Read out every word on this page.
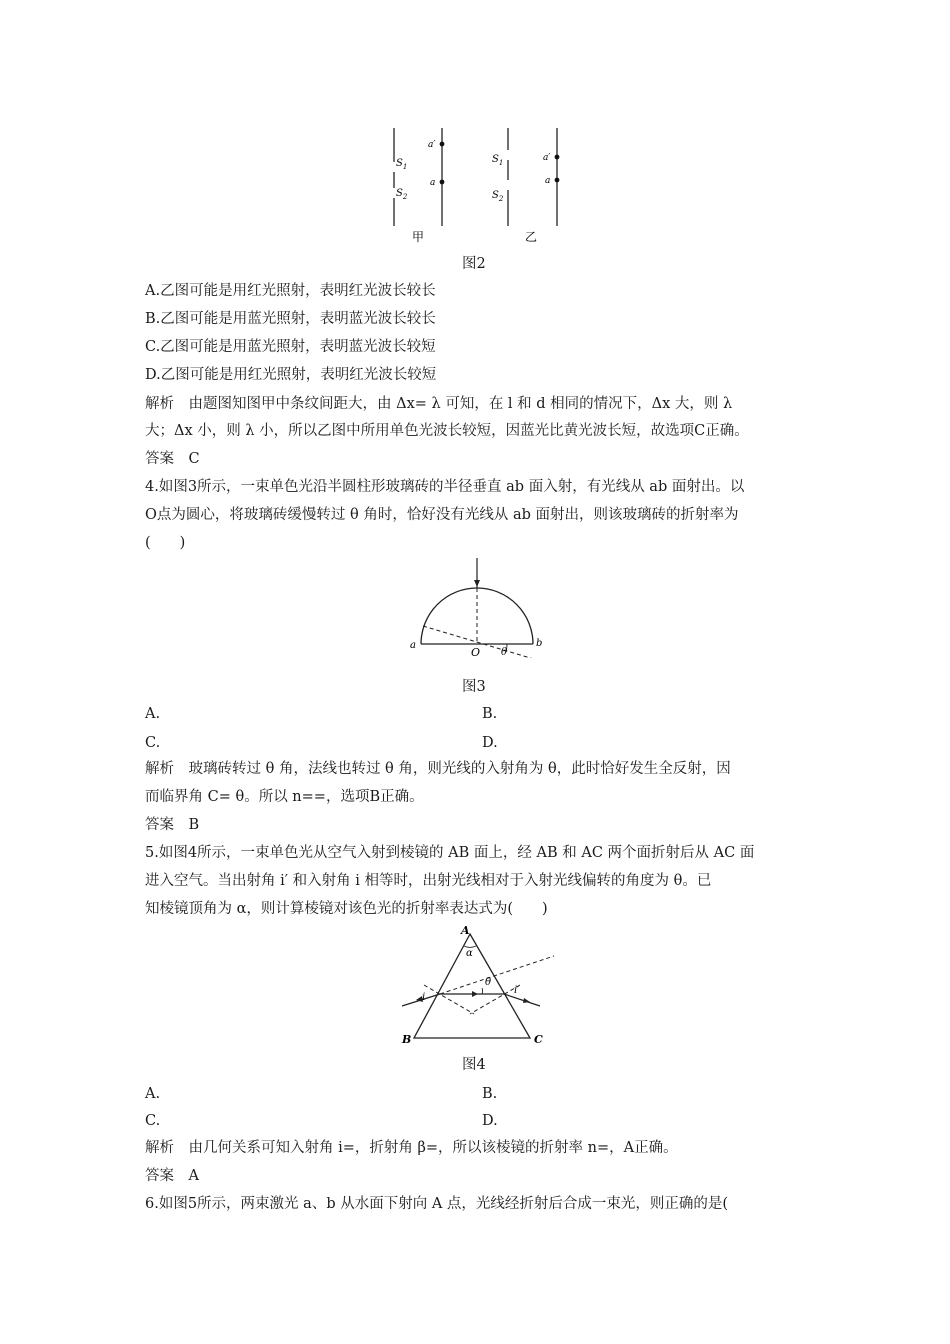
$S_1$
$S_2$
a′
a
$S_1$
$S_2$
a′
a
甲	乙
图2
A.乙图可能是用红光照射，表明红光波长较长
B.乙图可能是用蓝光照射，表明蓝光波长较长
C.乙图可能是用蓝光照射，表明蓝光波长较短
D.乙图可能是用红光照射，表明红光波长较短
解析　由题图知图甲中条纹间距大，由 Δx= λ 可知，在 l 和 d 相同的情况下，Δx 大，则 λ
大；Δx 小，则 λ 小，所以乙图中所用单色光波长较短，因蓝光比黄光波长短，故选项C正确。
答案　C
4.如图3所示，一束单色光沿半圆柱形玻璃砖的半径垂直 ab 面入射，有光线从 ab 面射出。以
O点为圆心，将玻璃砖缓慢转过 θ 角时，恰好没有光线从 ab 面射出，则该玻璃砖的折射率为
(　　)
a	b
O θ
图3
A.	B.
C.	D.
解析　玻璃砖转过 θ 角，法线也转过 θ 角，则光线的入射角为 θ，此时恰好发生全反射，因
而临界角 C= θ。所以 n==，选项B正确。
答案　B
5.如图4所示，一束单色光从空气入射到棱镜的 AB 面上，经 AB 和 AC 两个面折射后从 AC 面
进入空气。当出射角 i′ 和入射角 i 相等时，出射光线相对于入射光线偏转的角度为 θ。已
知棱镜顶角为 α，则计算棱镜对该色光的折射率表达式为(　　)
A
B	C
α
θ
i
i′
图4
A.	B.
C.	D.
解析　由几何关系可知入射角 i=，折射角 β=，所以该棱镜的折射率 n=，A正确。
答案　A
6.如图5所示，两束激光 a、b 从水面下射向 A 点，光线经折射后合成一束光，则正确的是(
